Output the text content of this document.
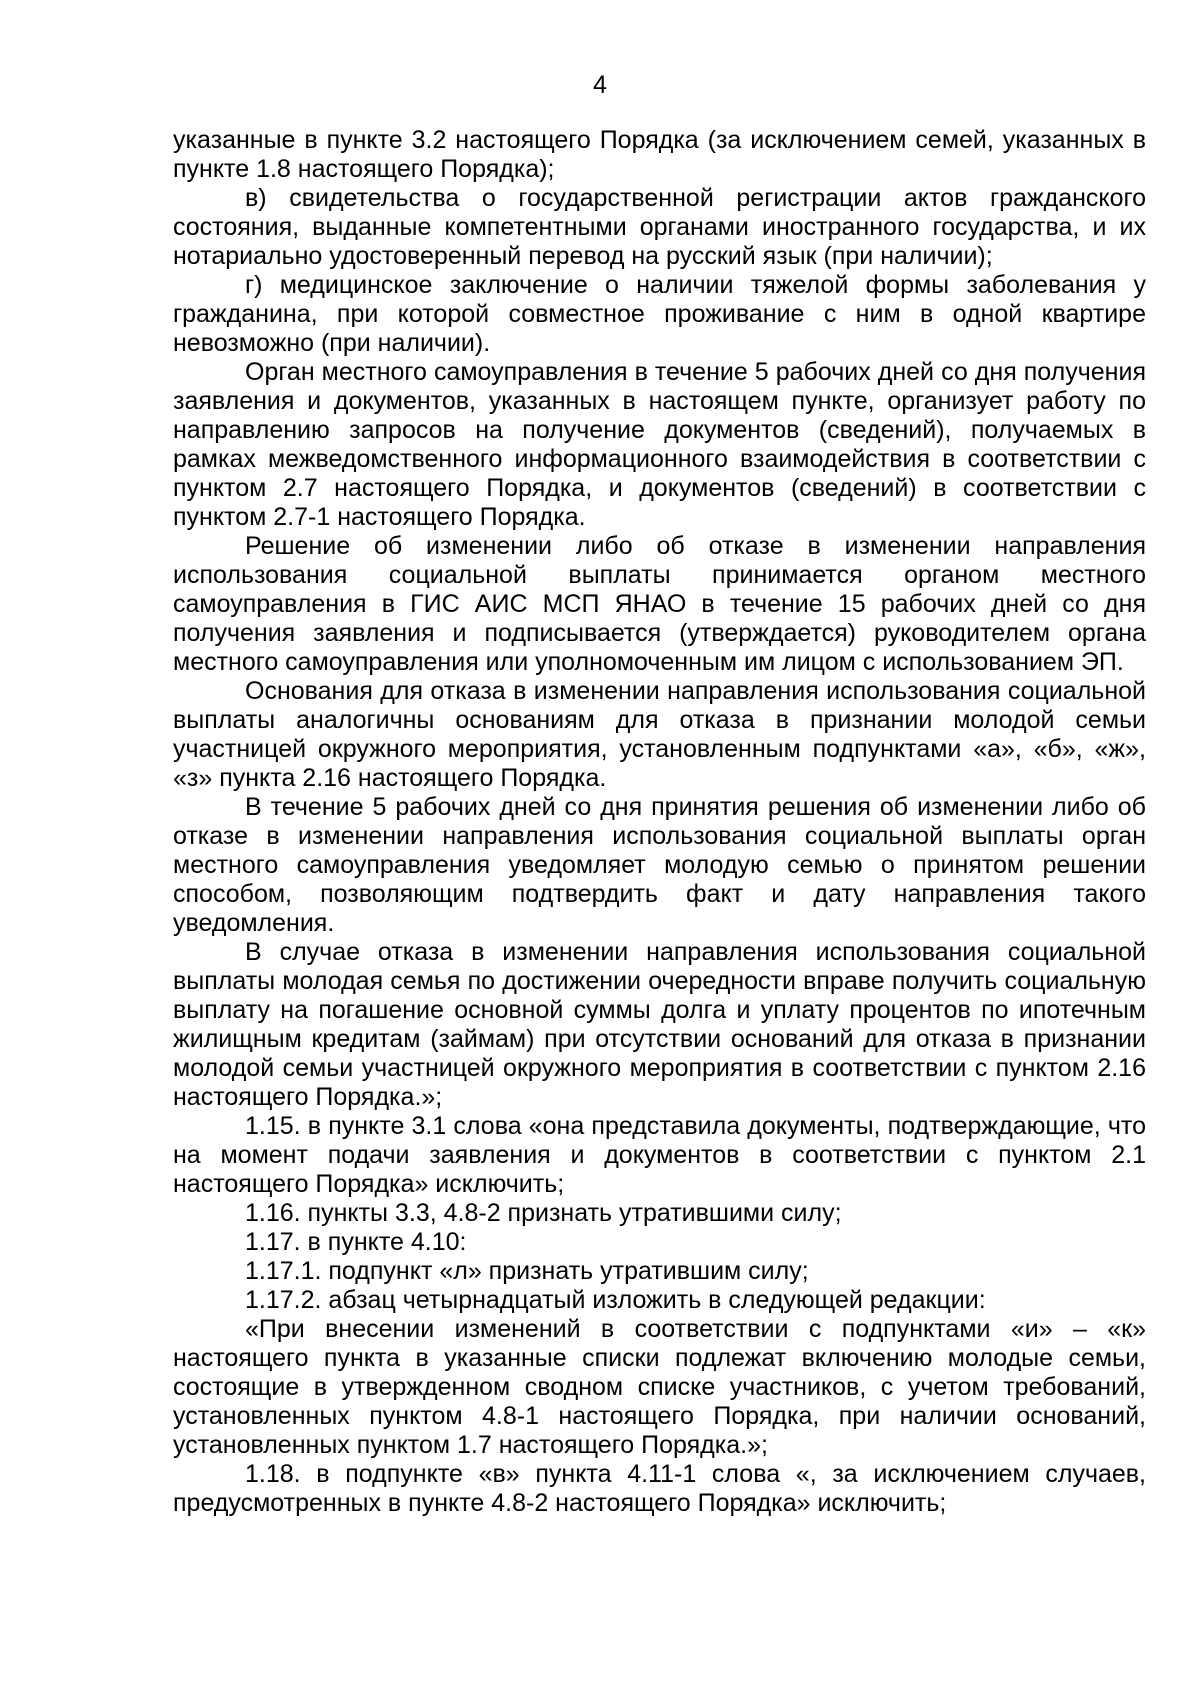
4

указанные в пункте 3.2 настоящего Порядка (за исключением семей, указанных в пункте 1.8 настоящего Порядка);

в) свидетельства о государственной регистрации актов гражданского состояния, выданные компетентными органами иностранного государства, и их нотариально удостоверенный перевод на русский язык (при наличии);

г) медицинское заключение о наличии тяжелой формы заболевания у гражданина, при которой совместное проживание с ним в одной квартире невозможно (при наличии).

Орган местного самоуправления в течение 5 рабочих дней со дня получения заявления и документов, указанных в настоящем пункте, организует работу по направлению запросов на получение документов (сведений), получаемых в рамках межведомственного информационного взаимодействия в соответствии с пунктом 2.7 настоящего Порядка, и документов (сведений) в соответствии с пунктом 2.7-1 настоящего Порядка.

Решение об изменении либо об отказе в изменении направления использования социальной выплаты принимается органом местного самоуправления в ГИС АИС МСП ЯНАО в течение 15 рабочих дней со дня получения заявления и подписывается (утверждается) руководителем органа местного самоуправления или уполномоченным им лицом с использованием ЭП.

Основания для отказа в изменении направления использования социальной выплаты аналогичны основаниям для отказа в признании молодой семьи участницей окружного мероприятия, установленным подпунктами «а», «б», «ж», «з» пункта 2.16 настоящего Порядка.

В течение 5 рабочих дней со дня принятия решения об изменении либо об отказе в изменении направления использования социальной выплаты орган местного самоуправления уведомляет молодую семью о принятом решении способом, позволяющим подтвердить факт и дату направления такого уведомления.

В случае отказа в изменении направления использования социальной выплаты молодая семья по достижении очередности вправе получить социальную выплату на погашение основной суммы долга и уплату процентов по ипотечным жилищным кредитам (займам) при отсутствии оснований для отказа в признании молодой семьи участницей окружного мероприятия в соответствии с пунктом 2.16 настоящего Порядка.»;

1.15. в пункте 3.1 слова «она представила документы, подтверждающие, что на момент подачи заявления и документов в соответствии с пунктом 2.1 настоящего Порядка» исключить;

1.16. пункты 3.3, 4.8-2 признать утратившими силу;

1.17. в пункте 4.10:

1.17.1. подпункт «л» признать утратившим силу;

1.17.2. абзац четырнадцатый изложить в следующей редакции:

«При внесении изменений в соответствии с подпунктами «и» – «к» настоящего пункта в указанные списки подлежат включению молодые семьи, состоящие в утвержденном сводном списке участников, с учетом требований, установленных пунктом 4.8-1 настоящего Порядка, при наличии оснований, установленных пунктом 1.7 настоящего Порядка.»;

1.18. в подпункте «в» пункта 4.11-1 слова «, за исключением случаев, предусмотренных в пункте 4.8-2 настоящего Порядка» исключить;
